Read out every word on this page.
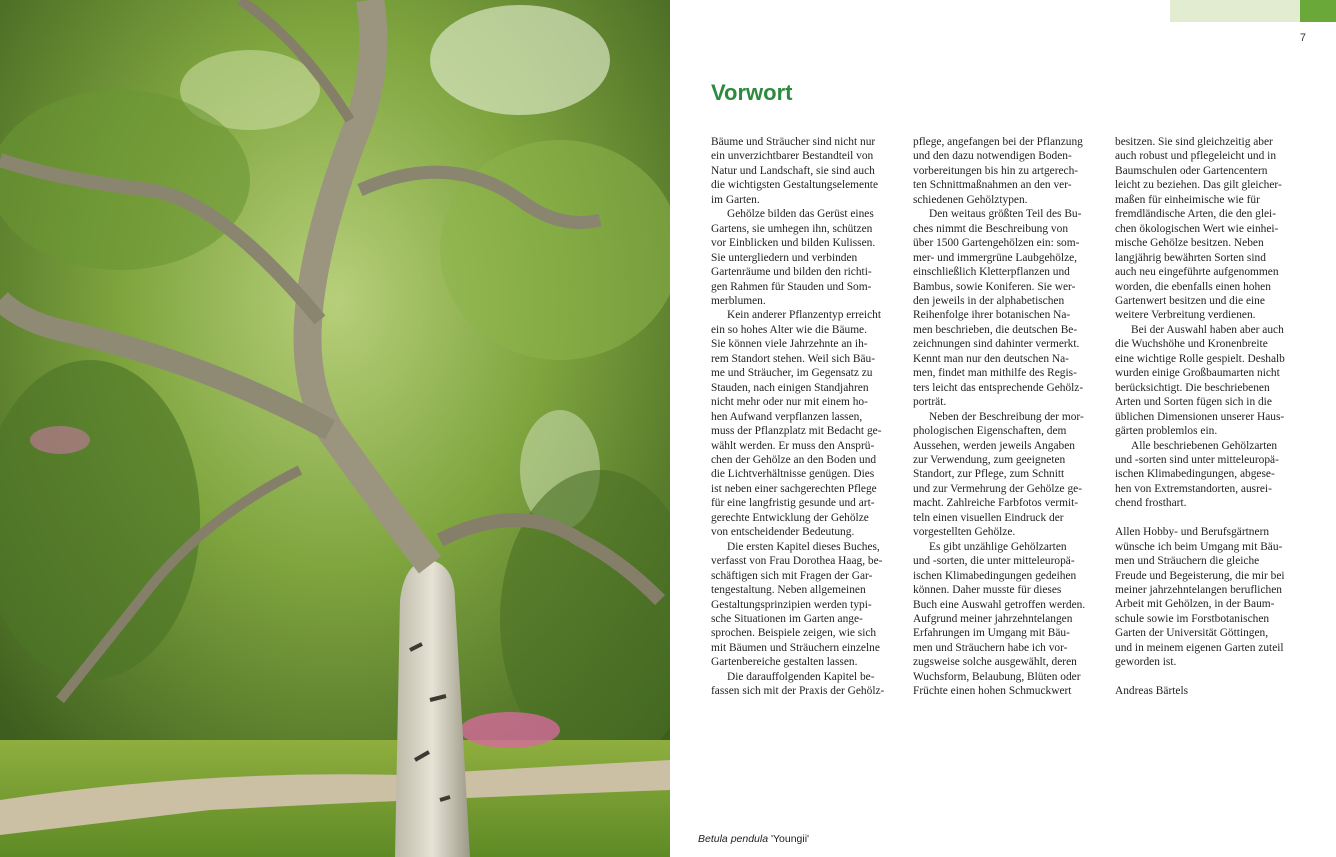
7
Vorwort

Bäume und Sträucher sind nicht nur
ein unverzichtbarer Bestandteil von
Natur und Landschaft, sie sind auch
die wichtigsten Gestaltungselemente
im Garten.

Gehölze bilden das Gerüst eines
Gartens, sie umhegen ihn, schützen
vor Einblicken und bilden Kulissen.
Sie untergliedern und verbinden
Gartenräume und bilden den richti-
gen Rahmen für Stauden und Som-
merblumen.

Kein anderer Pflanzentyp erreicht
ein so hohes Alter wie die Bäume.
Sie können viele Jahrzehnte an ih-
rem Standort stehen. Weil sich Bäu-
me und Sträucher, im Gegensatz zu
Stauden, nach einigen Standjahren
nicht mehr oder nur mit einem ho-
hen Aufwand verpflanzen lassen,
muss der Pflanzplatz mit Bedacht ge-
wählt werden. Er muss den Ansprü-
chen der Gehölze an den Boden und
die Lichtverhältnisse genügen. Dies
ist neben einer sachgerechten Pflege
für eine langfristig gesunde und art-
gerechte Entwicklung der Gehölze
von entscheidender Bedeutung.

Die ersten Kapitel dieses Buches,
verfasst von Frau Dorothea Haag, be-
schäftigen sich mit Fragen der Gar-
tengestaltung. Neben allgemeinen
Gestaltungsprinzipien werden typi-
sche Situationen im Garten ange-
sprochen. Beispiele zeigen, wie sich
mit Bäumen und Sträuchern einzelne
Gartenbereiche gestalten lassen.

Die darauffolgenden Kapitel be-
fassen sich mit der Praxis der Gehölz-

pflege, angefangen bei der Pflanzung
und den dazu notwendigen Boden-
vorbereitungen bis hin zu artgerech-
ten Schnittmaßnahmen an den ver-
schiedenen Gehölztypen.

Den weitaus größten Teil des Bu-
ches nimmt die Beschreibung von
über 1500 Gartengehölzen ein: som-
mer- und immergrüne Laubgehölze,
einschließlich Kletterpflanzen und
Bambus, sowie Koniferen. Sie wer-
den jeweils in der alphabetischen
Reihenfolge ihrer botanischen Na-
men beschrieben, die deutschen Be-
zeichnungen sind dahinter vermerkt.
Kennt man nur den deutschen Na-
men, findet man mithilfe des Regis-
ters leicht das entsprechende Gehölz-
porträt.

Neben der Beschreibung der mor-
phologischen Eigenschaften, dem
Aussehen, werden jeweils Angaben
zur Verwendung, zum geeigneten
Standort, zur Pflege, zum Schnitt
und zur Vermehrung der Gehölze ge-
macht. Zahlreiche Farbfotos vermit-
teln einen visuellen Eindruck der
vorgestellten Gehölze.

Es gibt unzählige Gehölzarten
und -sorten, die unter mitteleuropä-
ischen Klimabedingungen gedeihen
können. Daher musste für dieses
Buch eine Auswahl getroffen werden.
Aufgrund meiner jahrzehntelangen
Erfahrungen im Umgang mit Bäu-
men und Sträuchern habe ich vor-
zugsweise solche ausgewählt, deren
Wuchsform, Belaubung, Blüten oder
Früchte einen hohen Schmuckwert

besitzen. Sie sind gleichzeitig aber
auch robust und pflegeleicht und in
Baumschulen oder Gartencentern
leicht zu beziehen. Das gilt gleicher-
maßen für einheimische wie für
fremdländische Arten, die den glei-
chen ökologischen Wert wie einhei-
mische Gehölze besitzen. Neben
langjährig bewährten Sorten sind
auch neu eingeführte aufgenommen
worden, die ebenfalls einen hohen
Gartenwert besitzen und die eine
weitere Verbreitung verdienen.

Bei der Auswahl haben aber auch
die Wuchshöhe und Kronenbreite
eine wichtige Rolle gespielt. Deshalb
wurden einige Großbaumarten nicht
berücksichtigt. Die beschriebenen
Arten und Sorten fügen sich in die
üblichen Dimensionen unserer Haus-
gärten problemlos ein.

Alle beschriebenen Gehölzarten
und -sorten sind unter mitteleuropä-
ischen Klimabedingungen, abgese-
hen von Extremstandorten, ausrei-
chend frosthart.

Allen Hobby- und Berufsgärtnern
wünsche ich beim Umgang mit Bäu-
men und Sträuchern die gleiche
Freude und Begeisterung, die mir bei
meiner jahrzehntelangen beruflichen
Arbeit mit Gehölzen, in der Baum-
schule sowie im Forstbotanischen
Garten der Universität Göttingen,
und in meinem eigenen Garten zuteil
geworden ist.

Andreas Bärtels

Betula pendula 'Youngii'
